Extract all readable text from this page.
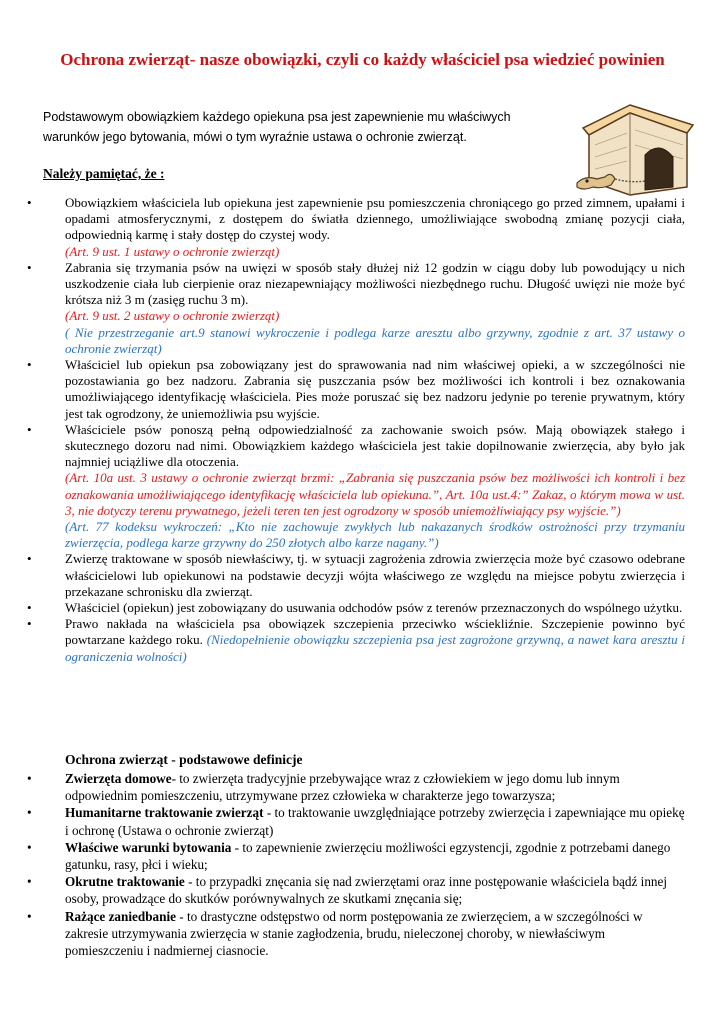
Ochrona zwierząt- nasze obowiązki, czyli co każdy właściciel psa wiedzieć powinien

Podstawowym obowiązkiem każdego opiekuna psa jest zapewnienie mu właściwych
warunków jego bytowania, mówi o tym wyraźnie ustawa o ochronie zwierząt.

Należy pamiętać, że :

•	Obowiązkiem właściciela lub opiekuna jest zapewnienie psu pomieszczenia chroniącego go przed zimnem, upałami i opadami atmosferycznymi, z dostępem do światła dziennego, umożliwiające swobodną zmianę pozycji ciała, odpowiednią karmę i stały dostęp do czystej wody.
(Art. 9 ust. 1 ustawy o ochronie zwierząt)
•	Zabrania się trzymania psów na uwięzi w sposób stały dłużej niż 12 godzin w ciągu doby lub powodujący u nich uszkodzenie ciała lub cierpienie oraz niezapewniający możliwości niezbędnego ruchu. Długość uwięzi nie może być krótsza niż 3 m (zasięg ruchu 3 m).
(Art. 9 ust. 2 ustawy o ochronie zwierząt)
( Nie przestrzeganie art.9 stanowi wykroczenie i podlega karze aresztu albo grzywny, zgodnie z art. 37 ustawy o ochronie zwierząt)
•	Właściciel lub opiekun psa zobowiązany jest do sprawowania nad nim właściwej opieki, a w szczególności nie pozostawiania go bez nadzoru. Zabrania się puszczania psów bez możliwości ich kontroli i bez oznakowania umożliwiającego identyfikację właściciela. Pies może poruszać się bez nadzoru jedynie po terenie prywatnym, który jest tak ogrodzony, że uniemożliwia psu wyjście.
•	Właściciele psów ponoszą pełną odpowiedzialność za zachowanie swoich psów. Mają obowiązek stałego i skutecznego dozoru nad nimi. Obowiązkiem każdego właściciela jest takie dopilnowanie zwierzęcia, aby było jak najmniej uciążliwe dla otoczenia.
(Art. 10a ust. 3 ustawy o ochronie zwierząt brzmi: „Zabrania się puszczania psów bez możliwości ich kontroli i bez oznakowania umożliwiającego identyfikację właściciela lub opiekuna.”, Art. 10a ust.4:” Zakaz, o którym mowa w ust. 3, nie dotyczy terenu prywatnego, jeżeli teren ten jest ogrodzony w sposób uniemożliwiający psy wyjście.”)
(Art. 77 kodeksu wykroczeń: „Kto nie zachowuje zwykłych lub nakazanych środków ostrożności przy trzymaniu zwierzęcia, podlega karze grzywny do 250 złotych albo karze nagany.”)
•	Zwierzę traktowane w sposób niewłaściwy, tj. w sytuacji zagrożenia zdrowia zwierzęcia może być czasowo odebrane właścicielowi lub opiekunowi na podstawie decyzji wójta właściwego ze względu na miejsce pobytu zwierzęcia i przekazane schronisku dla zwierząt.
•	Właściciel (opiekun) jest zobowiązany do usuwania odchodów psów z terenów przeznaczonych do wspólnego użytku.
•	Prawo nakłada na właściciela psa obowiązek szczepienia przeciwko wściekliźnie. Szczepienie powinno być powtarzane każdego roku. (Niedopełnienie obowiązku szczepienia psa jest zagrożone grzywną, a nawet kara aresztu i ograniczenia wolności)

Ochrona zwierząt - podstawowe definicje

•	Zwierzęta domowe- to zwierzęta tradycyjnie przebywające wraz z człowiekiem w jego domu lub innym odpowiednim pomieszczeniu, utrzymywane przez człowieka w charakterze jego towarzysza;
•	Humanitarne traktowanie zwierząt - to traktowanie uwzględniające potrzeby zwierzęcia i zapewniające mu opiekę i ochronę (Ustawa o ochronie zwierząt)
•	Właściwe warunki bytowania - to zapewnienie zwierzęciu możliwości egzystencji, zgodnie z potrzebami danego gatunku, rasy, płci i wieku;
•	Okrutne traktowanie - to przypadki znęcania się nad zwierzętami oraz inne postępowanie właściciela bądź innej osoby, prowadzące do skutków porównywalnych ze skutkami znęcania się;
•	Rażące zaniedbanie - to drastyczne odstępstwo od norm postępowania ze zwierzęciem, a w szczególności w zakresie utrzymywania zwierzęcia w stanie zagłodzenia, brudu, nieleczonej choroby, w niewłaściwym pomieszczeniu i nadmiernej ciasnocie.
